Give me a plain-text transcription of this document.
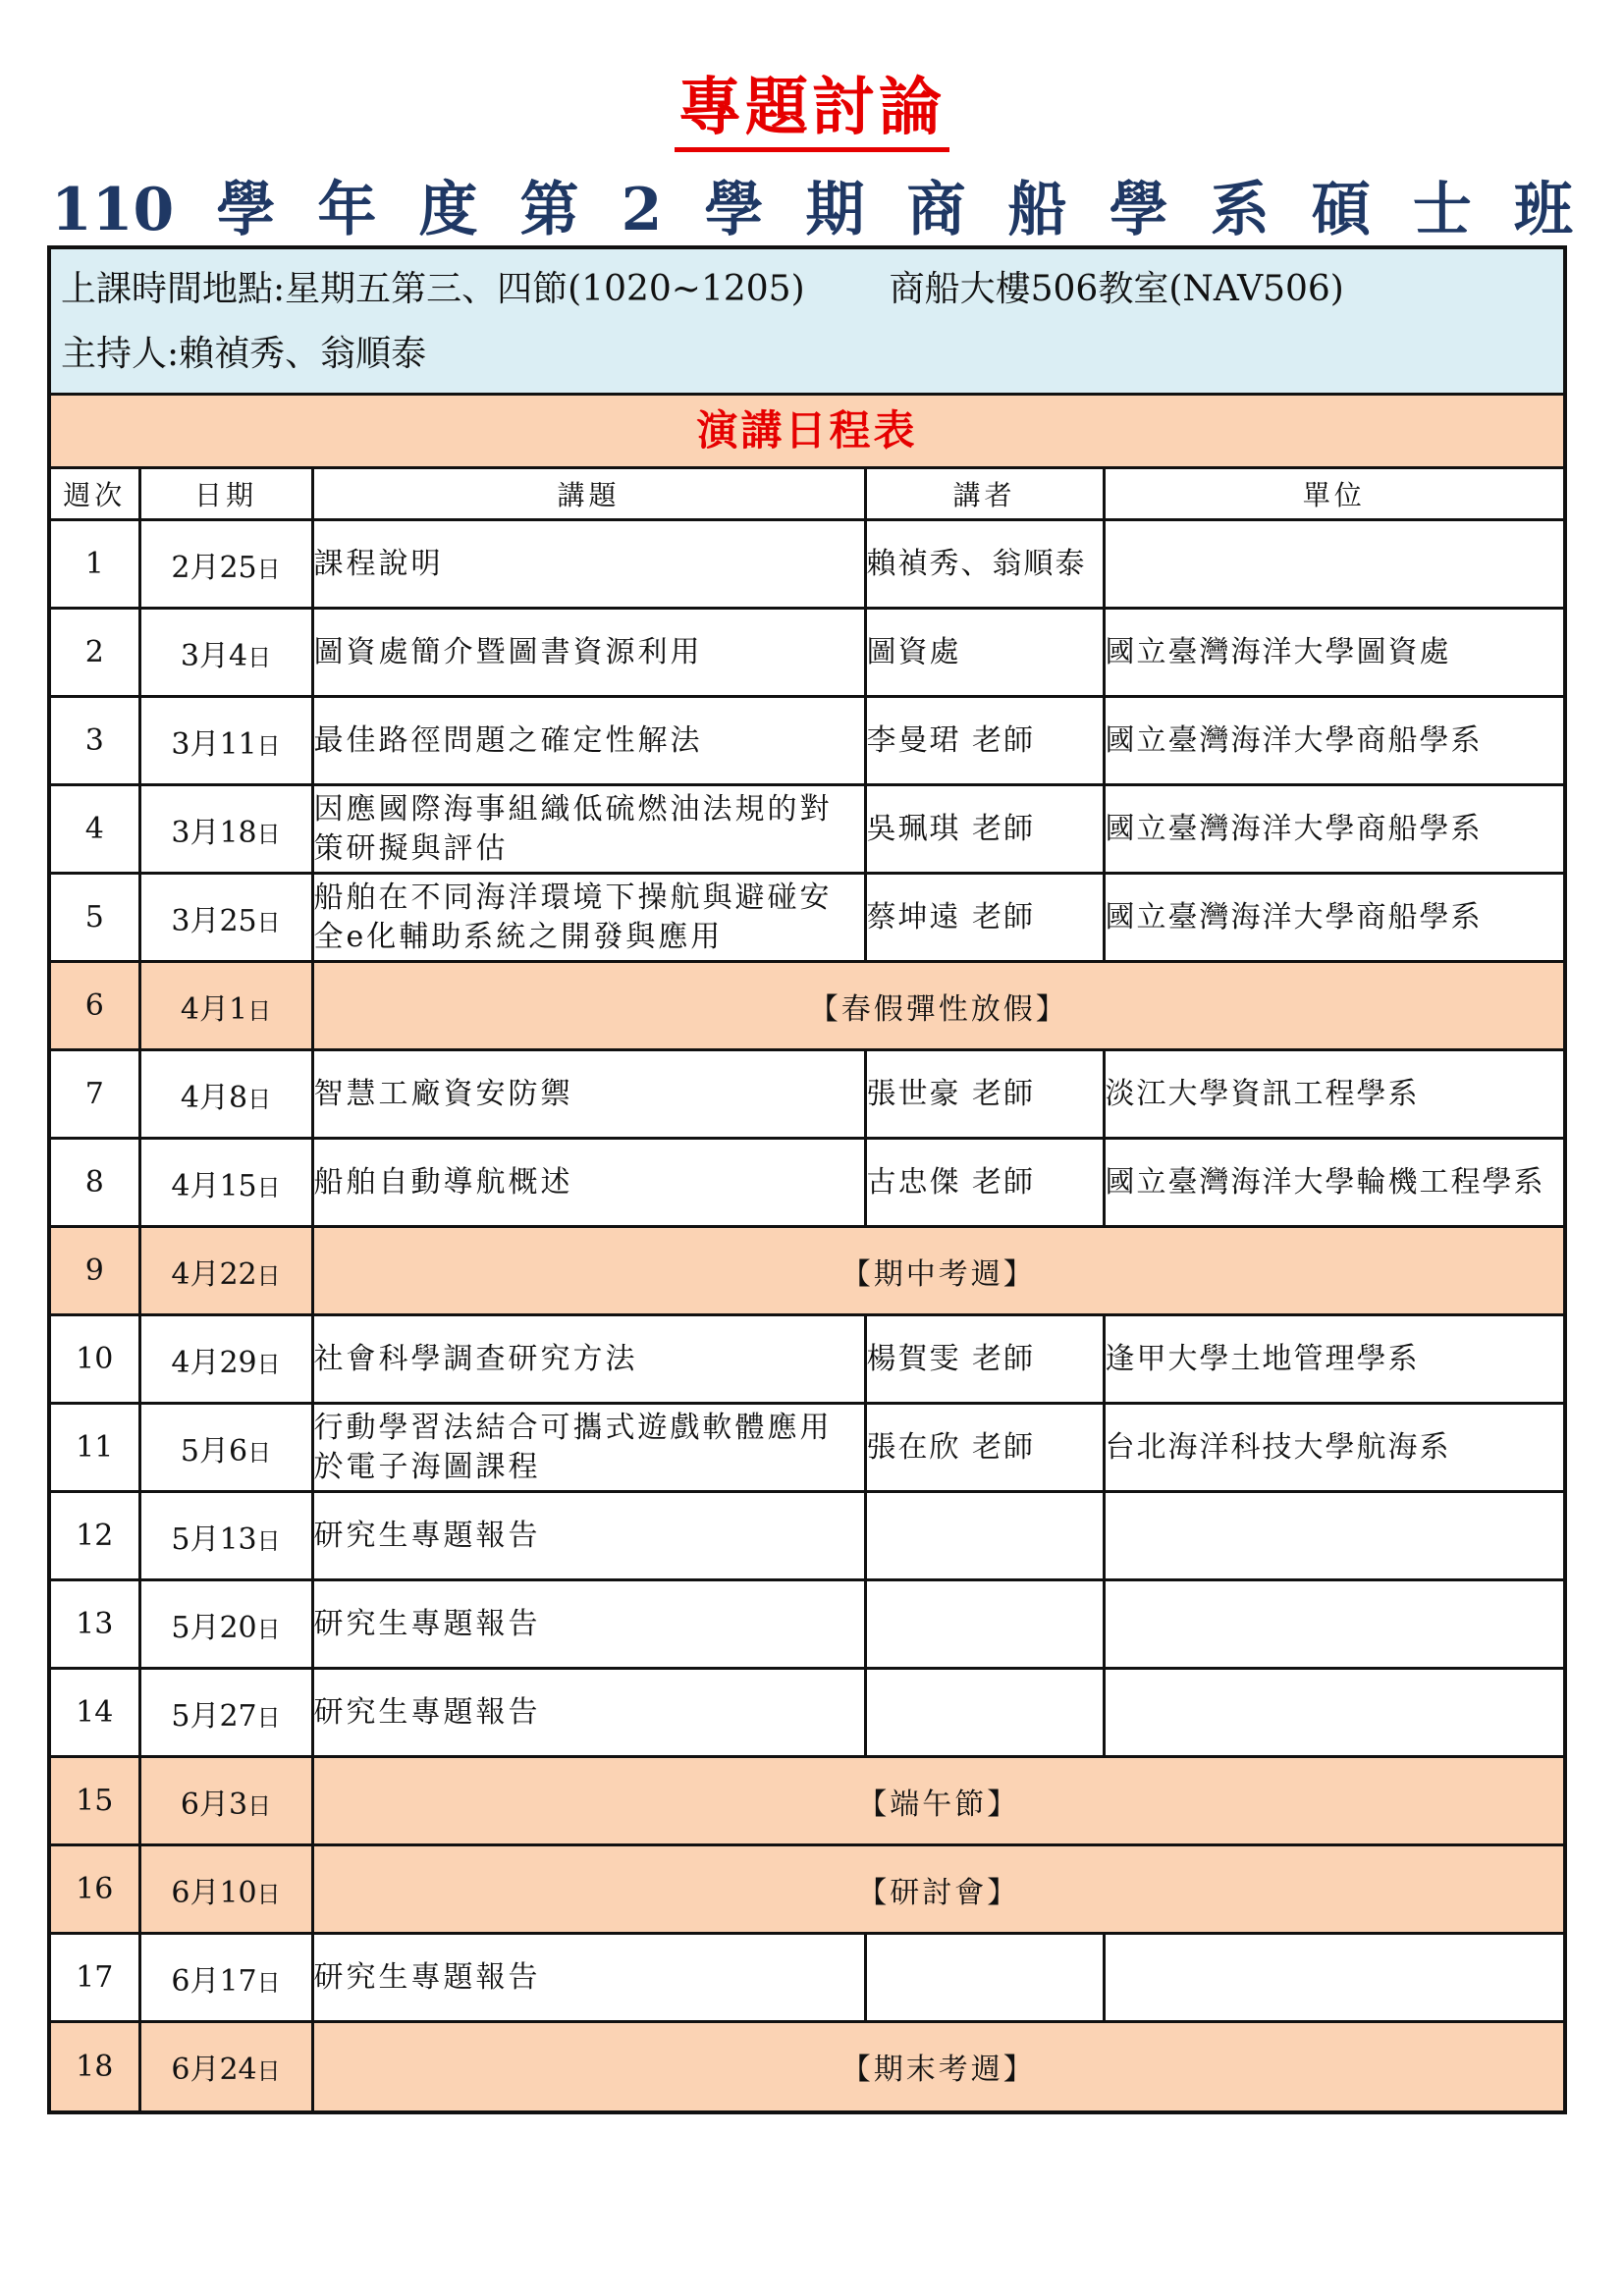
專題討論
110 學 年 度 第 2 學 期 商 船 學 系 碩 士 班
上課時間地點:星期五第三、四節(1020~1205) 商船大樓506教室(NAV506)
主持人:賴禎秀、翁順泰
演講日程表
週次	日期	講題	講者	單位
1	2月25日	課程說明	賴禎秀、翁順泰	
2	3月4日	圖資處簡介暨圖書資源利用	圖資處	國立臺灣海洋大學圖資處
3	3月11日	最佳路徑問題之確定性解法	李曼珺 老師	國立臺灣海洋大學商船學系
4	3月18日	因應國際海事組織低硫燃油法規的對策研擬與評估	吳珮琪 老師	國立臺灣海洋大學商船學系
5	3月25日	船舶在不同海洋環境下操航與避碰安全e化輔助系統之開發與應用	蔡坤遠 老師	國立臺灣海洋大學商船學系
6	4月1日	【春假彈性放假】		
7	4月8日	智慧工廠資安防禦	張世豪 老師	淡江大學資訊工程學系
8	4月15日	船舶自動導航概述	古忠傑 老師	國立臺灣海洋大學輪機工程學系
9	4月22日	【期中考週】		
10	4月29日	社會科學調查研究方法	楊賀雯 老師	逢甲大學土地管理學系
11	5月6日	行動學習法結合可攜式遊戲軟體應用於電子海圖課程	張在欣 老師	台北海洋科技大學航海系
12	5月13日	研究生專題報告		
13	5月20日	研究生專題報告		
14	5月27日	研究生專題報告		
15	6月3日	【端午節】		
16	6月10日	【研討會】		
17	6月17日	研究生專題報告		
18	6月24日	【期末考週】		
